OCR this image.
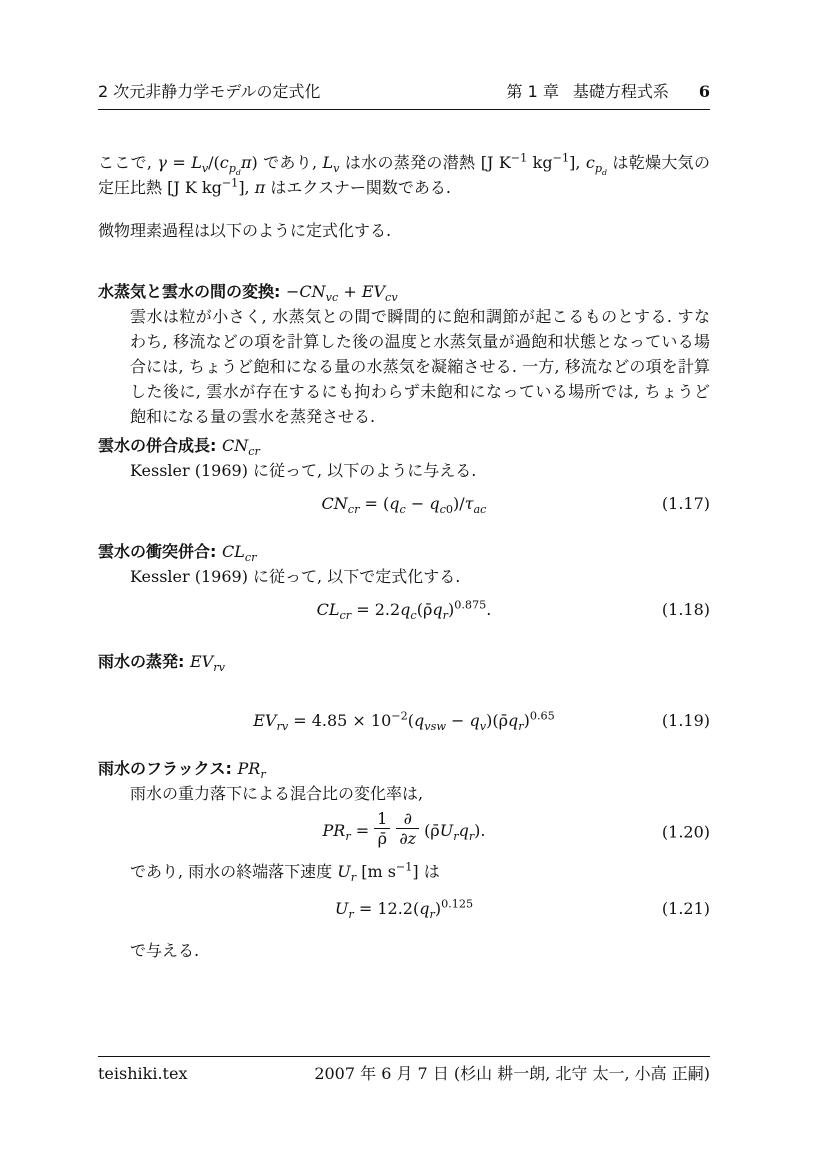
2 次元非静力学モデルの定式化	第 1 章 基礎方程式系 6

ここで, $\gamma = L_v/(c_{p_d}\pi)$ であり, $L_v$ は水の蒸発の潜熱 [J $K^{-1}$ $kg^{-1}$], $c_{p_d}$ は乾燥大気の定圧比熱 [J K $kg^{-1}$], π はエクスナー関数である.

微物理素過程は以下のように定式化する.

水蒸気と雲水の間の変換: $-CN_{vc} + EV_{cv}$

雲水は粒が小さく, 水蒸気との間で瞬間的に飽和調節が起こるものとする. すなわち, 移流などの項を計算した後の温度と水蒸気量が過飽和状態となっている場合には, ちょうど飽和になる量の水蒸気を凝縮させる. 一方, 移流などの項を計算した後に, 雲水が存在するにも拘わらず未飽和になっている場所では, ちょうど飽和になる量の雲水を蒸発させる.

雲水の併合成長: $CN_{cr}$

Kessler (1969) に従って, 以下のように与える.

$CN_{cr} = (q_c - q_{c0})/\tau_{ac}$	(1.17)
雲水の衝突併合: $CL_{cr}$

Kessler (1969) に従って, 以下で定式化する.

$CL_{cr}$ = $2.2q_c(\rhōq_r)^{0.875}$.	(1.18)
雨水の蒸発: $EV_{rv}$
$EV_{rv} = 4.85 \times 10^{-2}(q_{vsw}$ − $q_v)(\rhōq_r)^{0.65}$	(1.19)
雨水のフラックス: $PR_r$

雨水の重力落下による混合比の変化率は,

$PR_r = \frac{1}{\rhō} \frac{\partial}{\partial z}$ $(\rhōU_rq_r)$.	(1.20)

であり, 雨水の終端落下速度 $U_r$ [m $s^{-1}$] は

$U_r = 12.2(q_r)^{0.125}$	(1.21)

で与える.

teishiki.tex	2007 年 6 月 7 日 (杉山 耕一朗, 北守 太一, 小高 正嗣)
